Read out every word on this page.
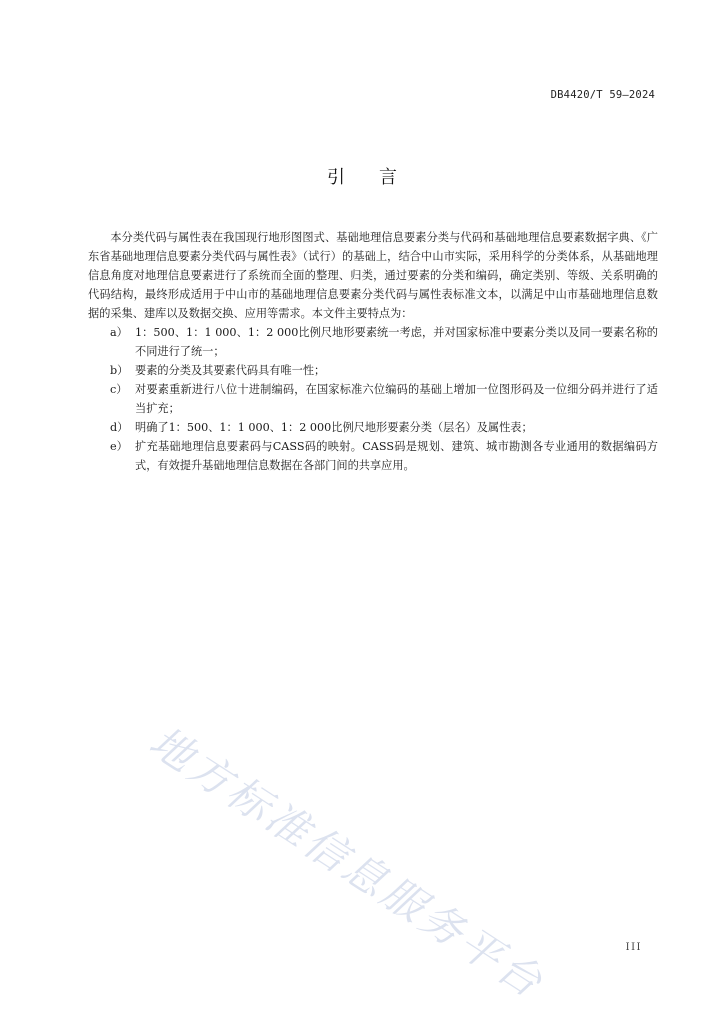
DB4420/T 59—2024
引言

本分类代码与属性表在我国现行地形图图式、基础地理信息要素分类与代码和基础地理信息要素数据字典、《广东省基础地理信息要素分类代码与属性表》（试行）的基础上，结合中山市实际，采用科学的分类体系，从基础地理信息角度对地理信息要素进行了系统而全面的整理、归类，通过要素的分类和编码，确定类别、等级、关系明确的代码结构，最终形成适用于中山市的基础地理信息要素分类代码与属性表标准文本，以满足中山市基础地理信息数据的采集、建库以及数据交换、应用等需求。本文件主要特点为：

a） 1：500、1：1 000、1：2 000比例尺地形要素统一考虑，并对国家标准中要素分类以及同一要素名称的不同进行了统一；
b） 要素的分类及其要素代码具有唯一性；
c） 对要素重新进行八位十进制编码，在国家标准六位编码的基础上增加一位图形码及一位细分码并进行了适当扩充；
d） 明确了1：500、1：1 000、1：2 000比例尺地形要素分类（层名）及属性表；
e） 扩充基础地理信息要素码与CASS码的映射。CASS码是规划、建筑、城市勘测各专业通用的数据编码方式，有效提升基础地理信息数据在各部门间的共享应用。
地方标准信息服务平台	III
